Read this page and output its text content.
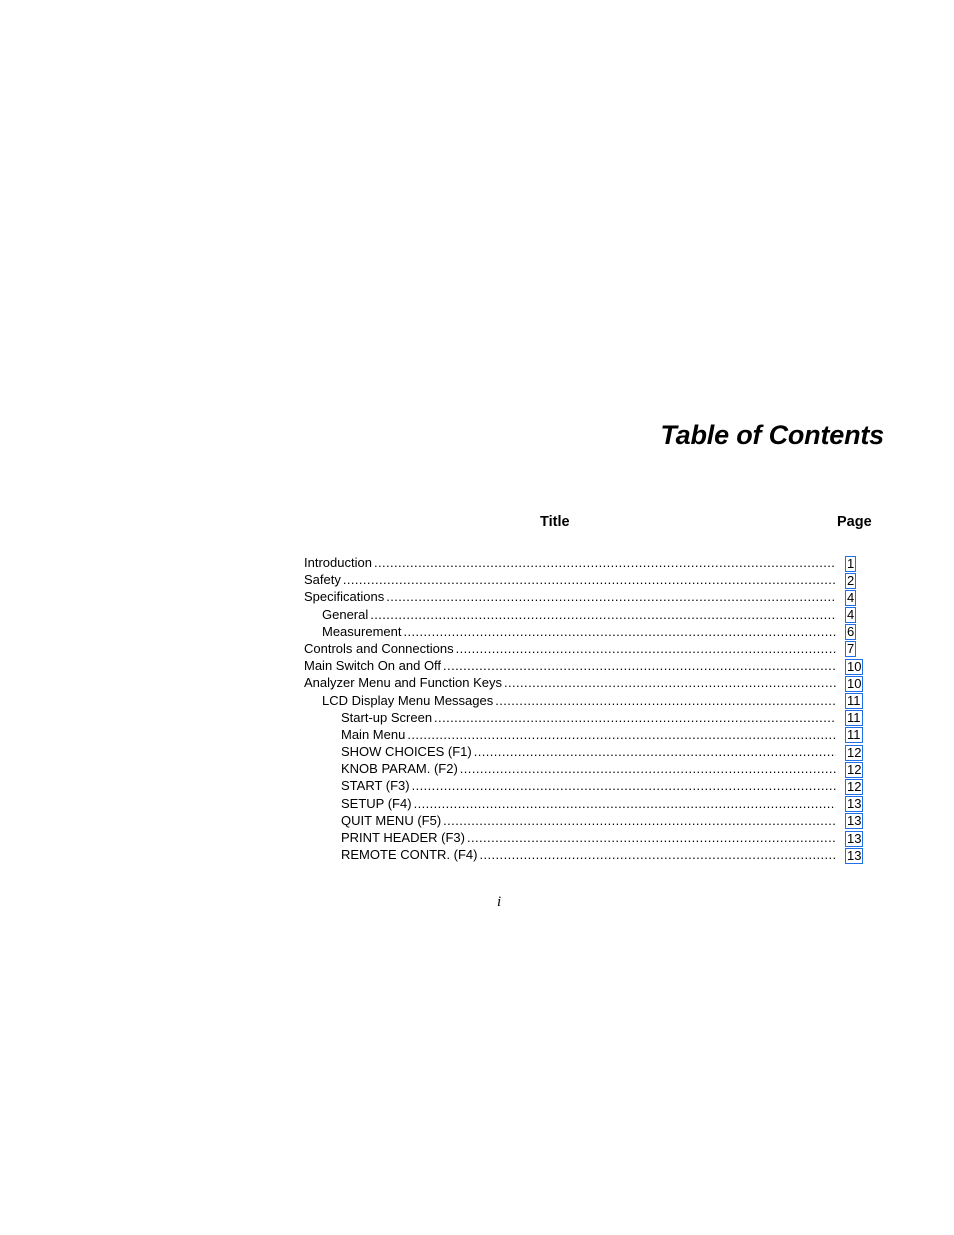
Table of Contents
Title	Page
Introduction .....	1
Safety .....	2
Specifications .....	4
General .....	4
Measurement .....	6
Controls and Connections .....	7
Main Switch On and Off .....	10
Analyzer Menu and Function Keys .....	10
LCD Display Menu Messages .....	11
Start-up Screen .....	11
Main Menu .....	11
SHOW CHOICES (F1) .....	12
KNOB PARAM. (F2) .....	12
START (F3) .....	12
SETUP (F4) .....	13
QUIT MENU (F5) .....	13
PRINT HEADER (F3) .....	13
REMOTE CONTR. (F4) .....	13
i
